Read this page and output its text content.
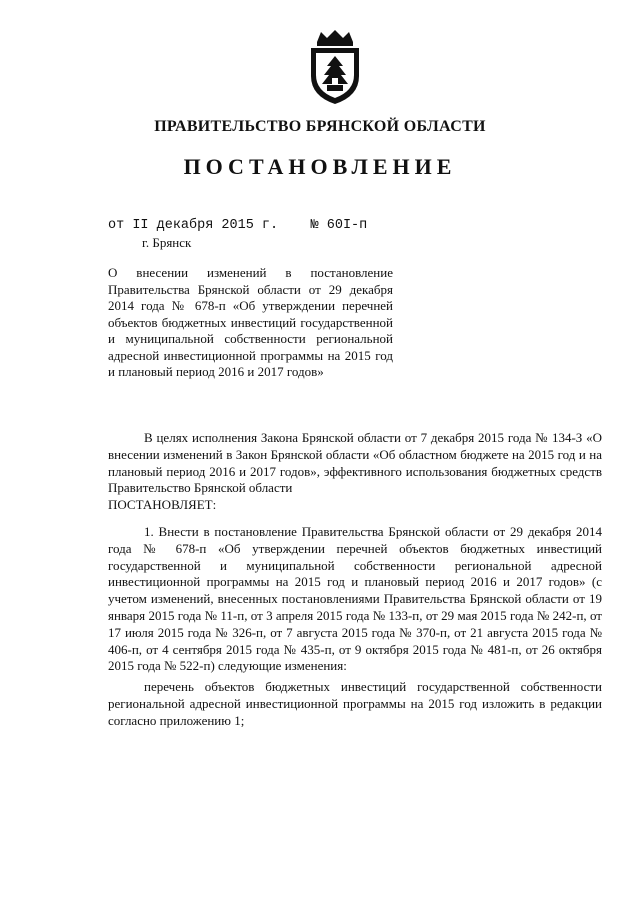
ПРАВИТЕЛЬСТВО БРЯНСКОЙ ОБЛАСТИ
ПОСТАНОВЛЕНИЕ
от II декабря 2015 г. № 60I-п
г. Брянск
О внесении изменений в постановление Правительства Брянской области от 29 декабря 2014 года № 678-п «Об утверждении перечней объектов бюджетных инвестиций государственной и муниципальной собственности региональной адресной инвестиционной программы на 2015 год и плановый период 2016 и 2017 годов»

В целях исполнения Закона Брянской области от 7 декабря 2015 года № 134-З «О внесении изменений в Закон Брянской области «Об областном бюджете на 2015 год и на плановый период 2016 и 2017 годов», эффективного использования бюджетных средств Правительство Брянской области

ПОСТАНОВЛЯЕТ:

1. Внести в постановление Правительства Брянской области от 29 декабря 2014 года № 678-п «Об утверждении перечней объектов бюджетных инвестиций государственной и муниципальной собственности региональной адресной инвестиционной программы на 2015 год и плановый период 2016 и 2017 годов» (с учетом изменений, внесенных постановлениями Правительства Брянской области от 19 января 2015 года № 11-п, от 3 апреля 2015 года № 133-п, от 29 мая 2015 года № 242-п, от 17 июля 2015 года № 326-п, от 7 августа 2015 года № 370-п, от 21 августа 2015 года № 406-п, от 4 сентября 2015 года № 435-п, от 9 октября 2015 года № 481-п, от 26 октября 2015 года № 522-п) следующие изменения:

перечень объектов бюджетных инвестиций государственной собственности региональной адресной инвестиционной программы на 2015 год изложить в редакции согласно приложению 1;
